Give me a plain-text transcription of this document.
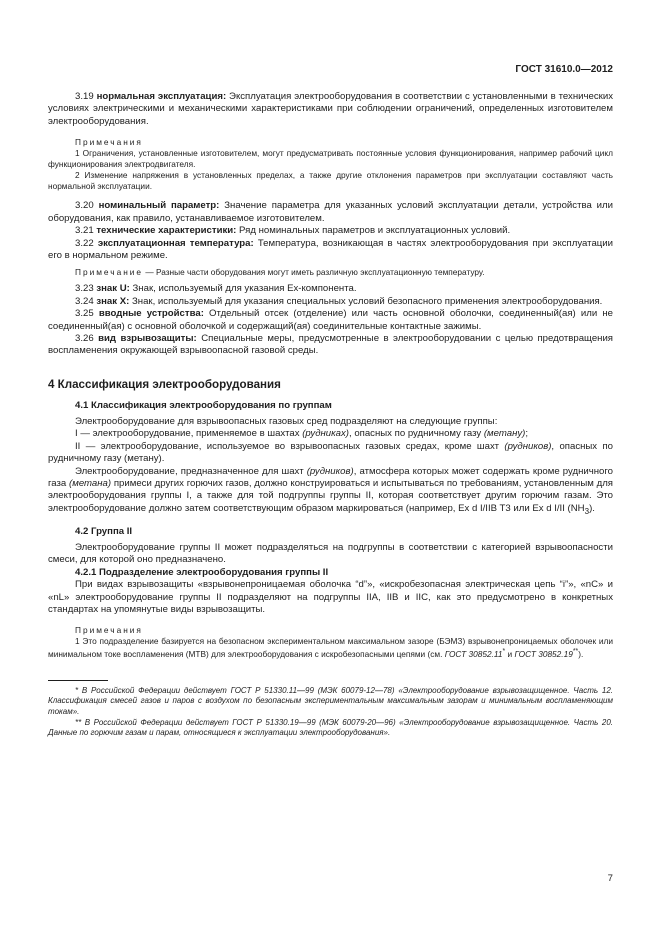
ГОСТ 31610.0—2012

3.19 нормальная эксплуатация: Эксплуатация электрооборудования в соответствии с установленными в технических условиях электрическими и механическими характеристиками при соблюдении ограничений, определенных изготовителем электрооборудования.

Примечания

1 Ограничения, установленные изготовителем, могут предусматривать постоянные условия функционирования, например рабочий цикл функционирования электродвигателя.

2 Изменение напряжения в установленных пределах, а также другие отклонения параметров при эксплуатации составляют часть нормальной эксплуатации.

3.20 номинальный параметр: Значение параметра для указанных условий эксплуатации детали, устройства или оборудования, как правило, устанавливаемое изготовителем.

3.21 технические характеристики: Ряд номинальных параметров и эксплуатационных условий.

3.22 эксплуатационная температура: Температура, возникающая в частях электрооборудования при эксплуатации его в нормальном режиме.

Примечание — Разные части оборудования могут иметь различную эксплуатационную температуру.

3.23 знак U: Знак, используемый для указания Ex-компонента.

3.24 знак X: Знак, используемый для указания специальных условий безопасного применения электрооборудования.

3.25 вводные устройства: Отдельный отсек (отделение) или часть основной оболочки, соединенный(ая) или не соединенный(ая) с основной оболочкой и содержащий(ая) соединительные контактные зажимы.

3.26 вид взрывозащиты: Специальные меры, предусмотренные в электрооборудовании с целью предотвращения воспламенения окружающей взрывоопасной газовой среды.

4 Классификация электрооборудования

4.1 Классификация электрооборудования по группам

Электрооборудование для взрывоопасных газовых сред подразделяют на следующие группы:

I — электрооборудование, применяемое в шахтах (рудниках), опасных по рудничному газу (метану);

II — электрооборудование, используемое во взрывоопасных газовых средах, кроме шахт (рудников), опасных по рудничному газу (метану).

Электрооборудование, предназначенное для шахт (рудников), атмосфера которых может содержать кроме рудничного газа (метана) примеси других горючих газов, должно конструироваться и испытываться по требованиям, установленным для электрооборудования группы I, а также для той подгруппы группы II, которая соответствует другим горючим газам. Это электрооборудование должно затем соответствующим образом маркироваться (например, Ex d I/IIB T3 или Ex d I/II $(NH_3)$.

4.2 Группа II

Электрооборудование группы II может подразделяться на подгруппы в соответствии с категорией взрывоопасности смеси, для которой оно предназначено.

4.2.1 Подразделение электрооборудования группы II

При видах взрывозащиты «взрывонепроницаемая оболочка “d”», «искробезопасная электрическая цепь “i”», «nC» и «nL» электрооборудование группы II подразделяют на подгруппы IIA, IIB и IIC, как это предусмотрено в конкретных стандартах на упомянутые виды взрывозащиты.

Примечания

1 Это подразделение базируется на безопасном экспериментальном максимальном зазоре (БЭМЗ) взрывонепроницаемых оболочек или минимальном токе воспламенения (МТВ) для электрооборудования с искробезопасными цепями (см. ГОСТ 30852.11* и ГОСТ 30852.19**).

* В Российской Федерации действует ГОСТ Р 51330.11—99 (МЭК 60079-12—78) «Электрооборудование взрывозащищенное. Часть 12. Классификация смесей газов и паров с воздухом по безопасным экспериментальным максимальным зазорам и минимальным воспламеняющим токам».

** В Российской Федерации действует ГОСТ Р 51330.19—99 (МЭК 60079-20—96) «Электрооборудование взрывозащищенное. Часть 20. Данные по горючим газам и парам, относящиеся к эксплуатации электрооборудования».

7
